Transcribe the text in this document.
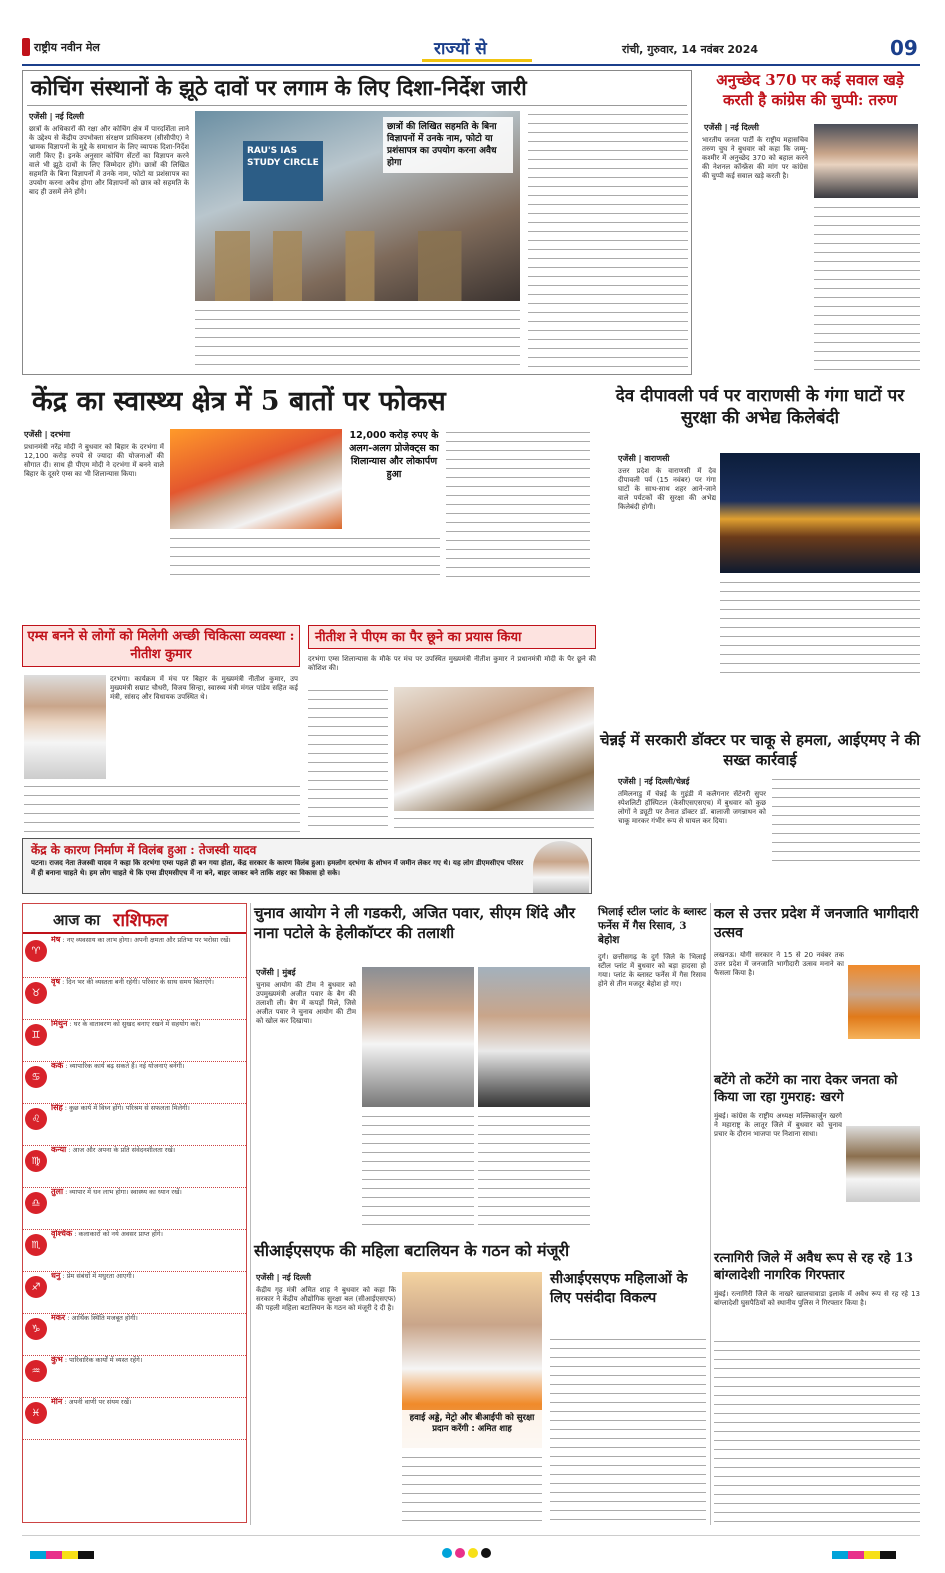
राष्ट्रीय नवीन मेल	राज्यों से	रांची, गुरुवार, 14 नवंबर 2024	09
कोचिंग संस्थानों के झूठे दावों पर लगाम के लिए दिशा-निर्देश जारी
एजेंसी | नई दिल्ली

छात्रों के अधिकारों की रक्षा और कोचिंग क्षेत्र में पारदर्शिता लाने के उद्देश्य से केंद्रीय उपभोक्ता संरक्षण प्राधिकरण (सीसीपीए) ने भ्रामक विज्ञापनों के मुद्दे के समाधान के लिए व्यापक दिशा-निर्देश जारी किए हैं। इनके अनुसार कोचिंग सेंटरों का विज्ञापन करने वाले भी झूठे दावों के लिए जिम्मेदार होंगे। छात्रों की लिखित सहमति के बिना विज्ञापनों में उनके नाम, फोटो या प्रशंसापत्र का उपयोग करना अवैध होगा और विज्ञापनों को छात्र को सहमति के बाद ही उसमें लेने होंगे।

RAU'S IAS STUDY CIRCLE
छात्रों की लिखित सहमति के बिना विज्ञापनों में उनके नाम, फोटो या प्रशंसापत्र का उपयोग करना अवैध होगा

अनुच्छेद 370 पर कई सवाल खड़े करती है कांग्रेस की चुप्पी: तरुण
एजेंसी | नई दिल्ली

भारतीय जनता पार्टी के राष्ट्रीय महासचिव तरुण चुघ ने बुधवार को कहा कि जम्मू-कश्मीर में अनुच्छेद 370 को बहाल करने की नेशनल कॉन्फ्रेंस की मांग पर कांग्रेस की चुप्पी कई सवाल खड़े करती है।

केंद्र का स्वास्थ्य क्षेत्र में 5 बातों पर फोकस
एजेंसी | दरभंगा

प्रधानमंत्री नरेंद्र मोदी ने बुधवार को बिहार के दरभंगा में 12,100 करोड़ रुपये से ज्यादा की योजनाओं की सौगात दी। साथ ही पीएम मोदी ने दरभंगा में बनने वाले बिहार के दूसरे एम्स का भी शिलान्यास किया।

12,000 करोड़ रुपए के अलग-अलग प्रोजेक्ट्स का शिलान्यास और लोकार्पण हुआ

देव दीपावली पर्व पर वाराणसी के गंगा घाटों पर सुरक्षा की अभेद्य किलेबंदी
एजेंसी | वाराणसी

उत्तर प्रदेश के वाराणसी में देव दीपावली पर्व (15 नवंबर) पर गंगा घाटों के साथ-साथ शहर आने-जाने वाले पर्यटकों की सुरक्षा की अभेद्य किलेबंदी होगी।

एम्स बनने से लोगों को मिलेगी अच्छी चिकित्सा व्यवस्था : नीतीश कुमार

दरभंगा। कार्यक्रम में मंच पर बिहार के मुख्यमंत्री नीतीश कुमार, उप मुख्यमंत्री सम्राट चौधरी, विजय सिन्हा, स्वास्थ्य मंत्री मंगल पांडेय सहित कई मंत्री, सांसद और विधायक उपस्थित थे।

नीतीश ने पीएम का पैर छूने का प्रयास किया

दरभंगा एम्स शिलान्यास के मौके पर मंच पर उपस्थित मुख्यमंत्री नीतीश कुमार ने प्रधानमंत्री मोदी के पैर छूने की कोशिश की।

चेन्नई में सरकारी डॉक्टर पर चाकू से हमला, आईएमए ने की सख्त कार्रवाई
एजेंसी | नई दिल्ली/चेन्नई

तमिलनाडु में चेन्नई के गुइंडी में कलैगनार सेंटेनरी सुपर स्पेशलिटी हॉस्पिटल (केसीएसएसएच) में बुधवार को कुछ लोगों ने ड्यूटी पर तैनात डॉक्टर डॉ. बालाजी जगन्नाथन को चाकू मारकर गंभीर रूप से घायल कर दिया।

केंद्र के कारण निर्माण में विलंब हुआ : तेजस्वी यादव

पटना। राजद नेता तेजस्वी यादव ने कहा कि दरभंगा एम्स पहले ही बन गया होता, केंद्र सरकार के कारण विलंब हुआ। हमलोग दरभंगा के शोभन में जमीन लेकर गए थे। यह लोग डीएमसीएच परिसर में ही बनाना चाहते थे। हम लोग चाहते थे कि एम्स डीएमसीएच में ना बने, बाहर जाकर बने ताकि शहर का विकास हो सके।

आज का राशिफल
♈
मेष : नए व्यवसाय का लाभ होगा। अपनी क्षमता और प्रतिभा पर भरोसा रखें।
♉
वृष : दिन भर की व्यस्तता बनी रहेगी। परिवार के साथ समय बिताएंगे।
♊
मिथुन : घर के वातावरण को सुखद बनाए रखने में सहयोग करें।
♋
कर्क : व्यापारिक कार्य बढ़ सकते हैं। नई योजनाएं बनेंगी।
♌
सिंह : कुछ कार्य में विघ्न होंगे। परिश्रम से सफलता मिलेगी।
♍
कन्या : आज और अपना के प्रति संवेदनशीलता रखें।
♎
तुला : व्यापार में धन लाभ होगा। स्वास्थ्य का ध्यान रखें।
♏
वृश्चिक : कलाकारों को नये अवसर प्राप्त होंगे।
♐
धनु : प्रेम संबंधों में मधुरता आएगी।
♑
मकर : आर्थिक स्थिति मजबूत होगी।
♒
कुंभ : पारिवारिक कार्यों में व्यस्त रहेंगे।
♓
मीन : अपनी वाणी पर संयम रखें।
चुनाव आयोग ने ली गडकरी, अजित पवार, सीएम शिंदे और नाना पटोले के हेलीकॉप्टर की तलाशी
एजेंसी | मुंबई

चुनाव आयोग की टीम ने बुधवार को उपमुख्यमंत्री अजीत पवार के बैग की तलाशी ली। बैग में कपड़ों मिले, जिसे अजीत पवार ने चुनाव आयोग की टीम को खोल कर दिखाया।

भिलाई स्टील प्लांट के ब्लास्ट फर्नेस में गैस रिसाव, 3 बेहोश

दुर्ग। छत्तीसगढ़ के दुर्ग जिले के भिलाई स्टील प्लांट में बुधवार को बड़ा हादसा हो गया। प्लांट के ब्लास्ट फर्नेस में गैस रिसाव होने से तीन मजदूर बेहोश हो गए।

कल से उत्तर प्रदेश में जनजाति भागीदारी उत्सव

लखनऊ। योगी सरकार ने 15 से 20 नवंबर तक उत्तर प्रदेश में जनजाति भागीदारी उत्सव मनाने का फैसला किया है।

बटेंगे तो कटेंगे का नारा देकर जनता को किया जा रहा गुमराह: खरगे

मुंबई। कांग्रेस के राष्ट्रीय अध्यक्ष मल्लिकार्जुन खरगे ने महाराष्ट्र के लातूर जिले में बुधवार को चुनाव प्रचार के दौरान भाजपा पर निशाना साधा।

रत्नागिरी जिले में अवैध रूप से रह रहे 13 बांग्लादेशी नागरिक गिरफ्तार

मुंबई। रत्नागिरी जिले के नाखरे खालचावाडा इलाके में अवैध रूप से रह रहे 13 बांग्लादेशी घुसपैठियों को स्थानीय पुलिस ने गिरफ्तार किया है।

सीआईएसएफ की महिला बटालियन के गठन को मंजूरी
एजेंसी | नई दिल्ली

केंद्रीय गृह मंत्री अमित शाह ने बुधवार को कहा कि सरकार ने केंद्रीय औद्योगिक सुरक्षा बल (सीआईएसएफ) की पहली महिला बटालियन के गठन को मंजूरी दे दी है।

हवाई अड्डे, मेट्रो और बीआईपी को सुरक्षा प्रदान करेंगी : अमित शाह

सीआईएसएफ महिलाओं के लिए पसंदीदा विकल्प
